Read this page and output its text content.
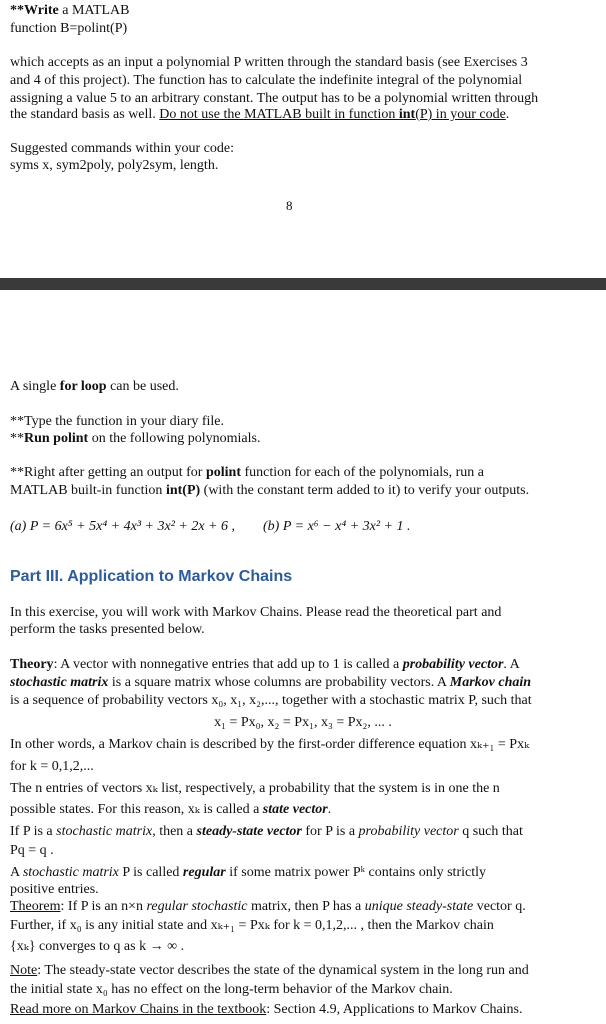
**Write a MATLAB
function B=polint(P)
which accepts as an input a polynomial P written through the standard basis (see Exercises 3
and 4 of this project). The function has to calculate the indefinite integral of the polynomial
assigning a value 5 to an arbitrary constant. The output has to be a polynomial written through
the standard basis as well. Do not use the MATLAB built in function int(P) in your code.
Suggested commands within your code:
syms x, sym2poly, poly2sym, length.
8
A single for loop can be used.
**Type the function in your diary file.
**Run polint on the following polynomials.
**Right after getting an output for polint function for each of the polynomials, run a
MATLAB built-in function int(P) (with the constant term added to it) to verify your outputs.
(a) P = 6x⁵ + 5x⁴ + 4x³ + 3x² + 2x + 6 , (b) P = x⁶ − x⁴ + 3x² + 1 .
Part III. Application to Markov Chains
In this exercise, you will work with Markov Chains. Please read the theoretical part and
perform the tasks presented below.
Theory: A vector with nonnegative entries that add up to 1 is called a probability vector. A
stochastic matrix is a square matrix whose columns are probability vectors. A Markov chain
is a sequence of probability vectors x₀, x₁, x₂,..., together with a stochastic matrix P, such that
x₁ = Px₀, x₂ = Px₁, x₃ = Px₂, ... .
In other words, a Markov chain is described by the first-order difference equation xₖ₊₁ = Pxₖ
for k = 0,1,2,...
The n entries of vectors xₖ list, respectively, a probability that the system is in one the n
possible states. For this reason, xₖ is called a state vector.
If P is a stochastic matrix, then a steady-state vector for P is a probability vector q such that
Pq = q .
A stochastic matrix P is called regular if some matrix power Pᵏ contains only strictly
positive entries.
Theorem: If P is an n×n regular stochastic matrix, then P has a unique steady-state vector q.
Further, if x₀ is any initial state and xₖ₊₁ = Pxₖ for k = 0,1,2,... , then the Markov chain
{xₖ} converges to q as k → ∞ .
Note: The steady-state vector describes the state of the dynamical system in the long run and
the initial state x₀ has no effect on the long-term behavior of the Markov chain.
Read more on Markov Chains in the textbook: Section 4.9, Applications to Markov Chains.
